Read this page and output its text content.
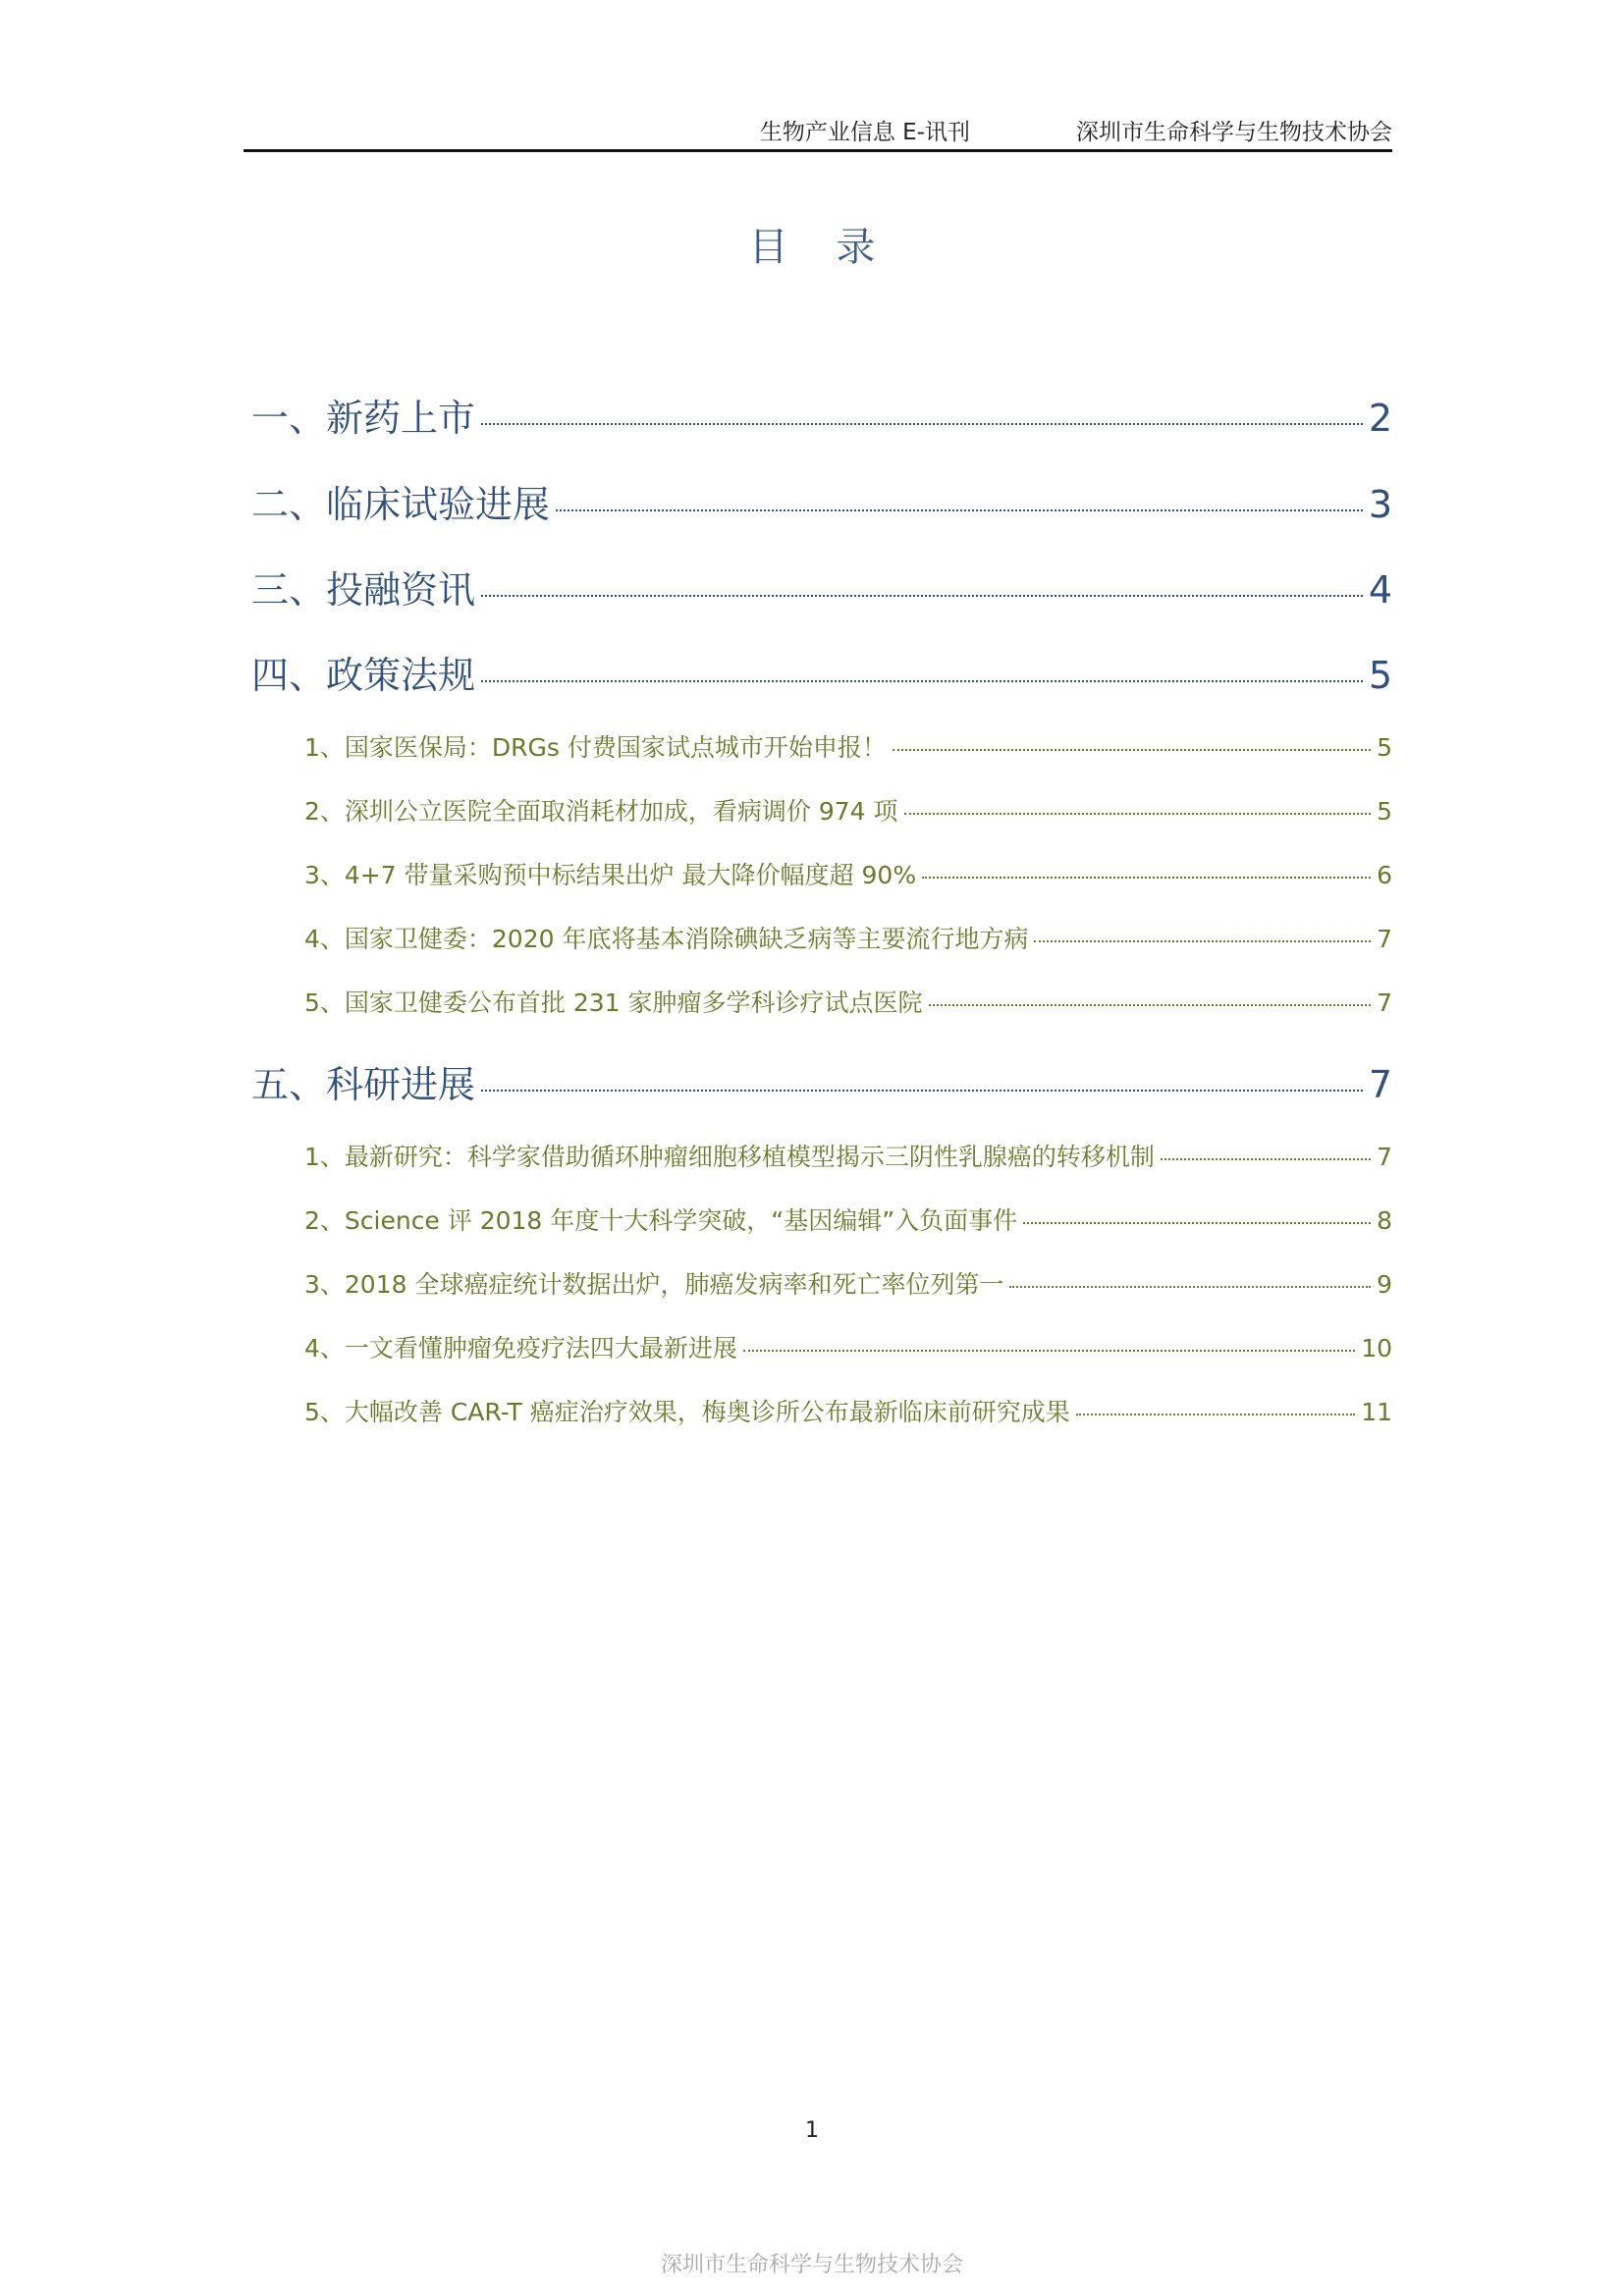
生物产业信息 E-讯刊	深圳市生命科学与生物技术协会
目 录
一、新药上市	2
二、临床试验进展	3
三、投融资讯	4
四、政策法规	5
1、国家医保局：DRGs 付费国家试点城市开始申报！	5
2、深圳公立医院全面取消耗材加成，看病调价 974 项	5
3、4+7 带量采购预中标结果出炉 最大降价幅度超 90%	6
4、国家卫健委：2020 年底将基本消除碘缺乏病等主要流行地方病	7
5、国家卫健委公布首批 231 家肿瘤多学科诊疗试点医院	7
五、科研进展	7
1、最新研究：科学家借助循环肿瘤细胞移植模型揭示三阴性乳腺癌的转移机制	7
2、Science 评 2018 年度十大科学突破，“基因编辑”入负面事件	8
3、2018 全球癌症统计数据出炉，肺癌发病率和死亡率位列第一	9
4、一文看懂肿瘤免疫疗法四大最新进展	10
5、大幅改善 CAR-T 癌症治疗效果，梅奥诊所公布最新临床前研究成果	11
1
深圳市生命科学与生物技术协会
